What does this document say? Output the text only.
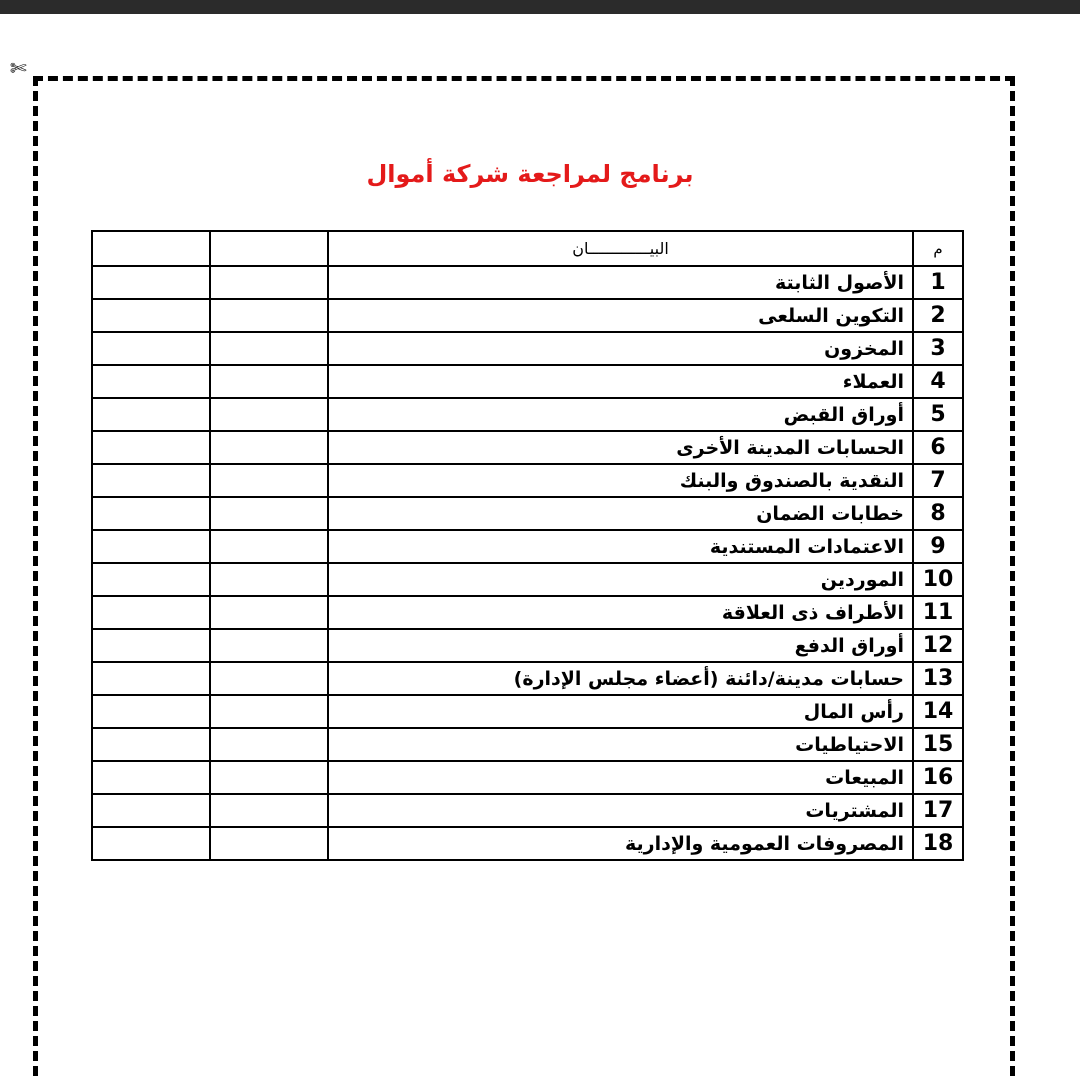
✄
برنامج لمراجعة شركة أموال
م	البيـــــــــــــان		
1	الأصول الثابتة		
2	التكوين السلعى		
3	المخزون		
4	العملاء		
5	أوراق القبض		
6	الحسابات المدينة الأخرى		
7	النقدية بالصندوق والبنك		
8	خطابات الضمان		
9	الاعتمادات المستندية		
10	الموردين		
11	الأطراف ذى العلاقة		
12	أوراق الدفع		
13	حسابات مدينة/دائنة (أعضاء مجلس الإدارة)		
14	رأس المال		
15	الاحتياطيات		
16	المبيعات		
17	المشتريات		
18	المصروفات العمومية والإدارية		
